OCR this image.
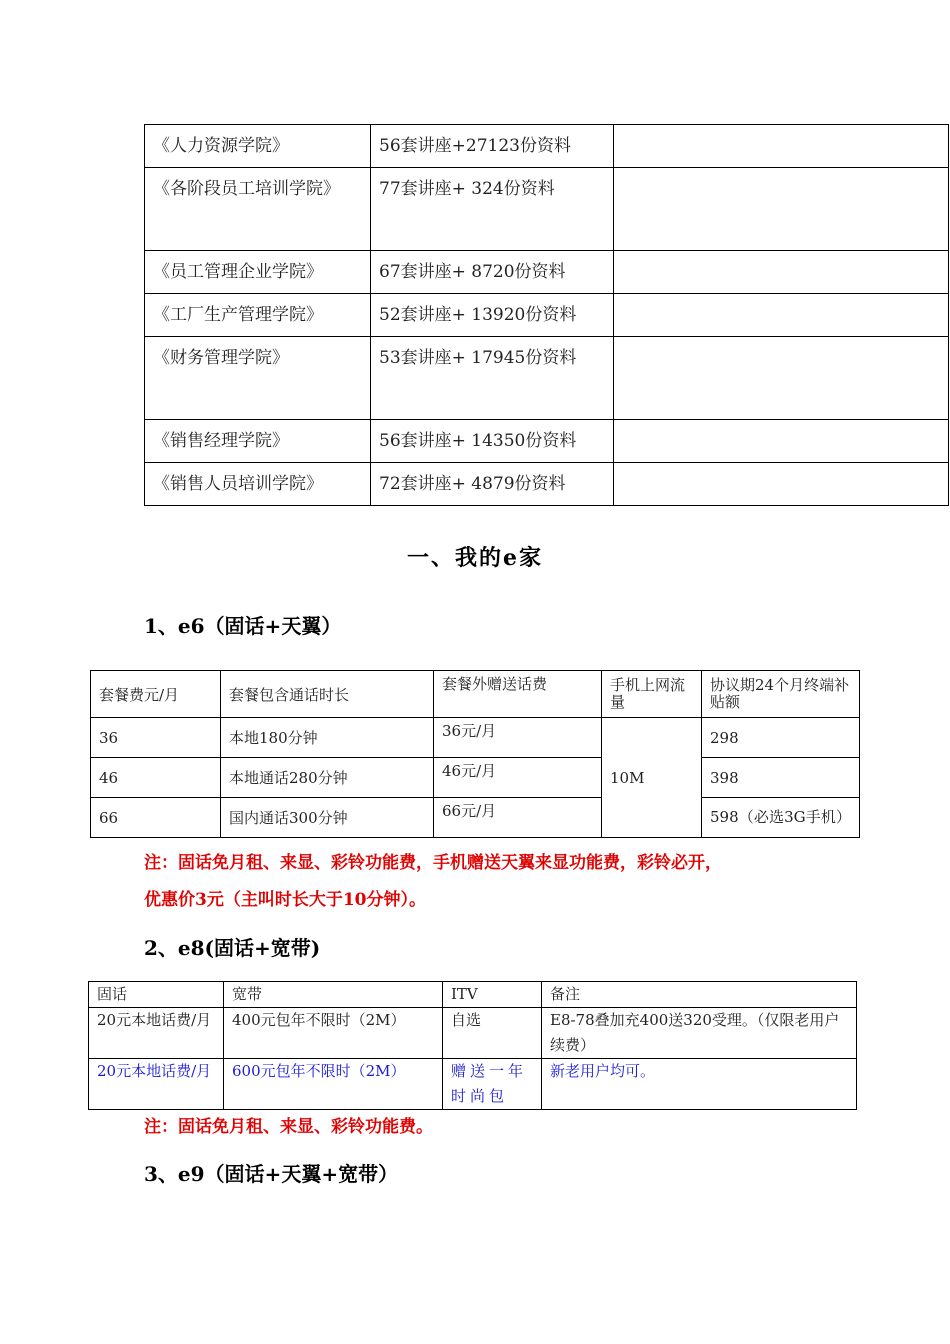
《人力资源学院》	56套讲座+27123份资料	
《各阶段员工培训学院》	77套讲座+ 324份资料	
《员工管理企业学院》	67套讲座+ 8720份资料	
《工厂生产管理学院》	52套讲座+ 13920份资料	
《财务管理学院》	53套讲座+ 17945份资料	
《销售经理学院》	56套讲座+ 14350份资料	
《销售人员培训学院》	72套讲座+ 4879份资料	
一、我的e家
1、e6（固话+天翼）
套餐费元/月	套餐包含通话时长	套餐外赠送话费	手机上网流量	协议期24个月终端补贴额
36	本地180分钟	36元/月	10M	298
46	本地通话280分钟	46元/月		398
66	国内通话300分钟	66元/月		598（必选3G手机）
注：固话免月租、来显、彩铃功能费，手机赠送天翼来显功能费，彩铃必开，
优惠价3元（主叫时长大于10分钟）。
2、e8(固话+宽带)
固话	宽带	ITV	备注
20元本地话费/月	400元包年不限时（2M）	自选	E8-78叠加充400送320受理。（仅限老用户续费）
20元本地话费/月	600元包年不限时（2M）	赠送一年时尚包	新老用户均可。
注：固话免月租、来显、彩铃功能费。
3、e9（固话+天翼+宽带）
